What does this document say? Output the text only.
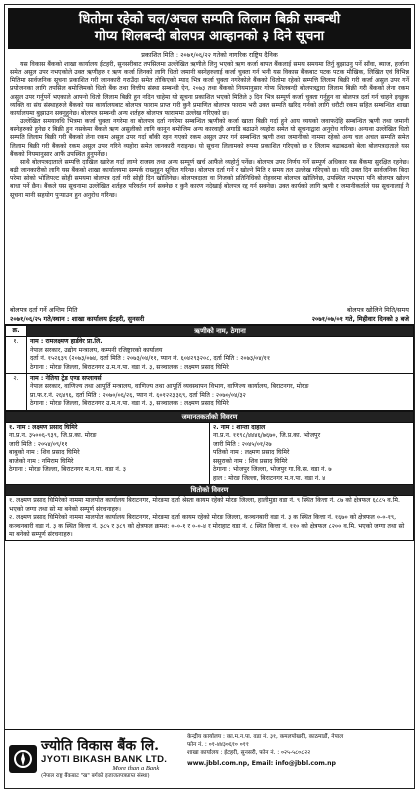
धितोमा रहेको चल/अचल सम्पति लिलाम बिक्री सम्बन्धी
गोप्य शिलबन्दी बोलपत्र आव्हानको ३ दिने सूचना
प्रकाशित मिति : २०७१/०६/२२ गतेको नागरिक राष्ट्रिय दैनिक

यस विकास बैंकको शाखा कार्यालय ईटहरी, सुनसरीबाट तपसिलमा उल्लेखित ऋणीले लिनु भएको ऋण कर्जा बापत बैंकलाई समय समयमा तिर्नु बुझाउनु पर्ने साँवा, ब्याज, हर्जाना समेत असुल उपर नभएकोले उक्त ऋणीहरु र ऋण कर्जा लिनको लागि धितो जमानी बस्नेहरुलाई कर्जा चुक्ता गर्न भनी यस विकास बैंकबाट पटक पटक मौखिक, लिखित एवं विभिन्न मितिमा सार्वजनिक सूचना प्रकाशित गरी जानकारी गराउँदा समेत तोकिएको म्याद भित्र कर्जा चुक्ता नगरेकोले बैंकको धितोमा रहेको सम्पत्ति लिलाम बिक्री गरी कर्जा असुल उपर गर्ने प्रयोजनका लागि तपसिल बमोजिमको धितो बैंक तथा वित्तीय संस्था सम्बन्धी ऐन, २०७३ तथा बैंकको नियमानुसार गोप्य शिलबन्दी बोलपत्रद्वारा लिलाम बिक्री गरी बैंकको लेना रकम असुल उपर गर्नुपर्ने भएकाले आफ्नो धितो लिलाम बिक्री हुन नदिन चाहेमा यो सूचना प्रकाशित भएको मितिले ३ दिन भित्र सम्पूर्ण कर्जा चुक्ता गर्नुहुन वा बोलपत्र दर्ता गर्न चाहने इच्छुक व्यक्ति वा संघ संस्थाहरुले बैंकको यस कार्यालयबाट बोलपत्र फाराम प्राप्त गरी कुनै प्रमाणित बोलपत्र फाराम भरी उक्त सम्पति खरिद गर्नको लागि धरौटी रकम सहित सम्बन्धित शाखा कार्यालयमा बुझाउन सक्नुहुनेछ। बोलपत्र सम्बन्धी अन्य शर्तहरु बोलपत्र फाराममा उल्लेख गरिएको छ।

उल्लेखित समयावधि भित्रमा कर्जा चुक्ता नगरेमा वा बोलपत्र दर्ता नगरेमा सम्बन्धित ऋणीको कर्जा खाता बिक्री गर्दा हुने आय व्ययको जवाफदेहि सम्बन्धित ऋणी तथा जमानी बस्नेहरुको हुनेछ र बिक्री हुन नसकेमा बैंकले ऋण असुलीको लागि कानून बमोजिम अन्य कारवाही अगाडि बढाउने व्यहोरा समेत यो सूचनाद्वारा अनुरोध गरिन्छ। अन्यथा उल्लेखित धितो सम्पति लिलाम बिक्री गरी बैंकको लेना रकम असुल उपर गर्दा बाँकी रहन गएको रकम असुल उपर गर्न सम्बन्धित ऋणी तथा जमानीको नाममा रहेको अन्य चल अचल सम्पति समेत लिलाम बिक्री गरी बैंकको रकम असुल उपर गरिने व्यहोरा समेत जानकारी गराइन्छ। यो सूचना लिलामको रुपमा प्रकाशित गरिएको छ र लिलाम बढाबढको बेला बोलपत्रदाताले यस बैंकको नियमानुसार आफैं उपस्थित हुनुपर्नेछ।

साथै बोलपत्रदाताले सम्पत्ति दाखिल खारेज गर्दा लाग्ने राजस्व तथा अन्य सम्पूर्ण खर्च आफैंले व्यहोर्नु पर्नेछ। बोलपत्र उपर निर्णय गर्ने सम्पूर्ण अधिकार यस बैंकमा सुरक्षित रहनेछ। बढी जानकारीको लागि यस बैंकको शाखा कार्यालयमा सम्पर्क राख्नुहुन सूचित गरिन्छ। बोलपत्र दर्ता गर्ने र खोल्ने मिति र समय तल उल्लेख गरिएको छ। यदि उक्त दिन सार्वजनिक बिदा परेमा सोको भोलिपल्ट सोही समयमा बोलपत्र दर्ता गरी सोही दिन खोलिनेछ। बोलपत्रदाता वा निजको प्रतिनिधिको रोहवरमा बोलपत्र खोलिनेछ, उपस्थित नभएमा पनि बोलपत्र खोल्न बाधा पर्ने छैन। बैंकले यस सूचनामा उल्लेखित शर्तहरु परिवर्तन गर्न सक्नेछ र कुनै कारण नदेखाई बोलपत्र रद्द गर्न सक्नेछ। उक्त कार्यको लागि ऋणी र जमानीकर्ताले यस सूचनालाई नै सूचना मानी सहयोग पुर्‍याउन हुन अनुरोध गरिन्छ।

बोलपत्र दर्ता गर्ने अन्तिम मिति	बोलपत्र खोलिने मिति/समय
२०७१/०६/२५ गते/स्थान : शाखा कार्यालय ईटहरी, सुनसरी	२०७१/०७/०१ गते, मिहीवार दिनको ३ बजे
क्र.	ऋणीको नाम, ठेगाना
१.	नाम : रामलक्ष्मण हार्डवेर प्रा.लि.
नेपाल सरकार, उद्योग मन्त्रालय, कम्पनी रजिष्ट्रारको कार्यालय
दर्ता नं. १५२६३९ (२०७३/०७४, दर्ता मिति : २०७३/०४/११, प्यान नं. ६०४२९३२०८, दर्ता मिति : २०७३/०४/११
ठेगाना : मोरङ जिल्ला, बिराटनगर उ.म.न.पा. वडा नं. ३, सञ्चालक : लक्ष्मण प्रसाद घिमिरे

२.	नाम : नेतिया ट्रेड एण्ड सप्लायर्स
नेपाल सरकार, वाणिज्य तथा आपूर्ति मन्त्रालय, वाणिज्य तथा आपूर्ति व्यवस्थापन विभाग, वाणिज्य कार्यालय, बिराटनगर, मोरङ
प्रा.फ.र.नं. २६४९६, दर्ता मिति : २०७०/०६/२६, प्यान नं. ६०१२२३३६९, दर्ता मिति : २०७०/०४/३२
ठेगाना : मोरङ जिल्ला, बिराटनगर उ.म.न.पा. वडा नं. ३, सञ्चालक : लक्ष्मण प्रसाद घिमिरे
जमानतकर्ताको विवरण

१. नाम : लक्ष्मण प्रसाद घिमिरे
ना.प्र.न. ३५००६-९३९, जि.प्र.का. मोरङ
जारी मिति : २०५४/०९/११
बाबुको नाम : शिव प्रसाद घिमिरे
बाजेको नाम : नमिराम घिमिरे
ठेगाना : मोरङ जिल्ला, बिराटनगर म.न.पा. वडा नं. ३

२. नाम : शान्ता दाहाल
ना.प्र.न. ११९८/४४४६/७६७०, जि.प्र.का. भोजपुर
जारी मिति : २०४५/०१/२७
पतिको नाम : लक्ष्मण प्रसाद घिमिरे
ससुराको नाम : शिव प्रसाद घिमिरे
ठेगाना : भोजपुर जिल्ला, भोजपुर गा.वि.स. वडा नं. ७
हाल : मोरङ जिल्ला, बिराटनगर म.न.पा. वडा नं. ४

धितोको विवरण

१. लक्ष्मण प्रसाद घिमिरेको नाममा मालपोत कार्यालय बिराटनगर, मोरङमा दर्ता श्रेस्ता कायम रहेको मोरङ जिल्ला, हालीमुडा वडा नं. ९ स्थित कित्ता नं. ८७ को क्षेत्रफल ६८८५ व.मि. भएको जग्गा तथा सो मा बनेको सम्पूर्ण संरचनाहरु।
२. लक्ष्मण प्रसाद घिमिरेको नाममा मालपोत कार्यालय बिराटनगर, मोरङमा दर्ता कायम रहेको मोरङ जिल्ला, कञ्चनबारी वडा नं. ३ क स्थित कित्ता नं. १६७० को क्षेत्रफल ०-०-१९, कञ्चनबारी वडा नं. ३ क स्थित कित्ता नं. ३८५ र ३८९ को क्षेत्रफल क्रमश: ०-०-१ र ०-०-४ र मोराहाट वडा नं. ८ स्थित कित्ता नं. ११० को क्षेत्रफल ८२०० व.मि. भएको जग्गा तथा सो मा बनेको सम्पूर्ण संरचनाहरु।
ज्योति विकास बैंक लि.
JYOTI BIKASH BANK LTD.
More than a Bank
(नेपाल राष्ट्र बैंकबाट "ख" बर्गको इजाजतपत्रप्राप्त संस्था)
केन्द्रीय कार्यालय : का.म.न.पा. वडा नं. ३१, कमलपोखरी, काठमाडौं, नेपाल
फोन नं. : ०१-४४३०६१० ०११
शाखा कार्यालय : ईटहरी, सुनसरी, फोन नं. : ०२५-५८०८२२
www.jbbl.com.np, Email: info@jbbl.com.np
